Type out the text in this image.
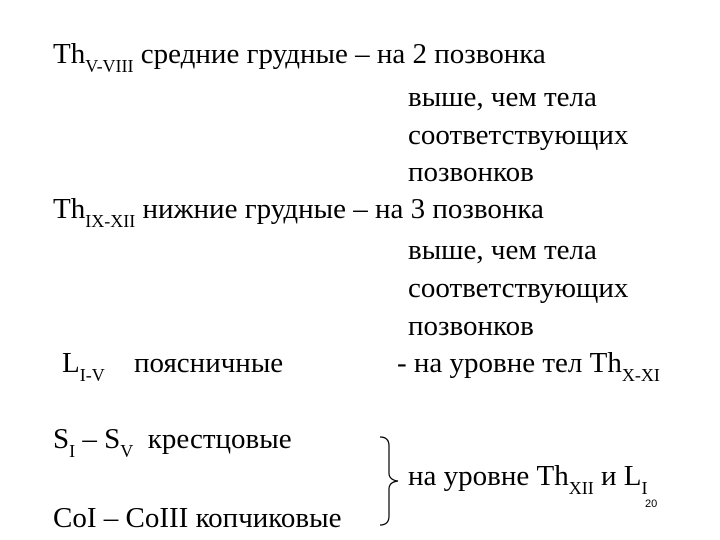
$Th_{V-VIII}$ средние грудные – на 2 позвонка
выше, чем тела
соответствующих
позвонков
$Th_{IX-XII}$ нижние грудные – на 3 позвонка
выше, чем тела
соответствующих
позвонков
$L_{I-V}$ поясничные	- на уровне тел $Th_{X-XI}$
$S_I - S_V$ крестцовые
CoI – CoIII копчиковые
на уровне $Th_{XII}$ и $L_I$
20
